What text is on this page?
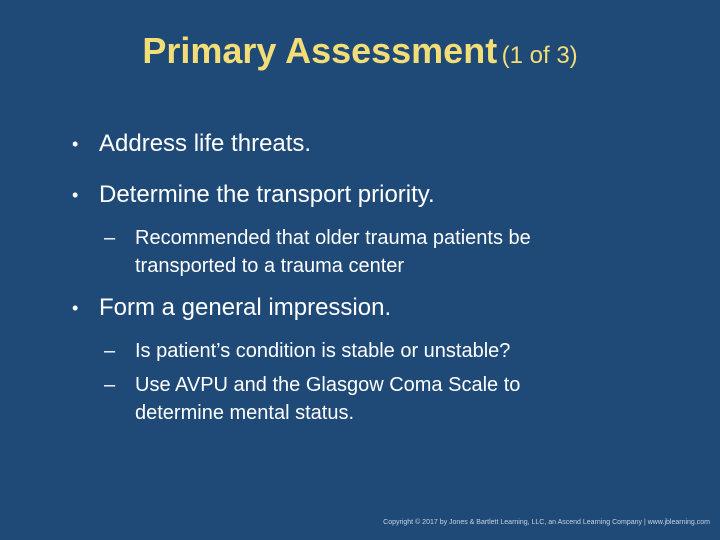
Primary Assessment (1 of 3)
• Address life threats.
• Determine the transport priority.
– Recommended that older trauma patients be transported to a trauma center
• Form a general impression.
– Is patient’s condition is stable or unstable?
– Use AVPU and the Glasgow Coma Scale to determine mental status.
Copyright © 2017 by Jones & Bartlett Learning, LLC, an Ascend Learning Company | www.jblearning.com
